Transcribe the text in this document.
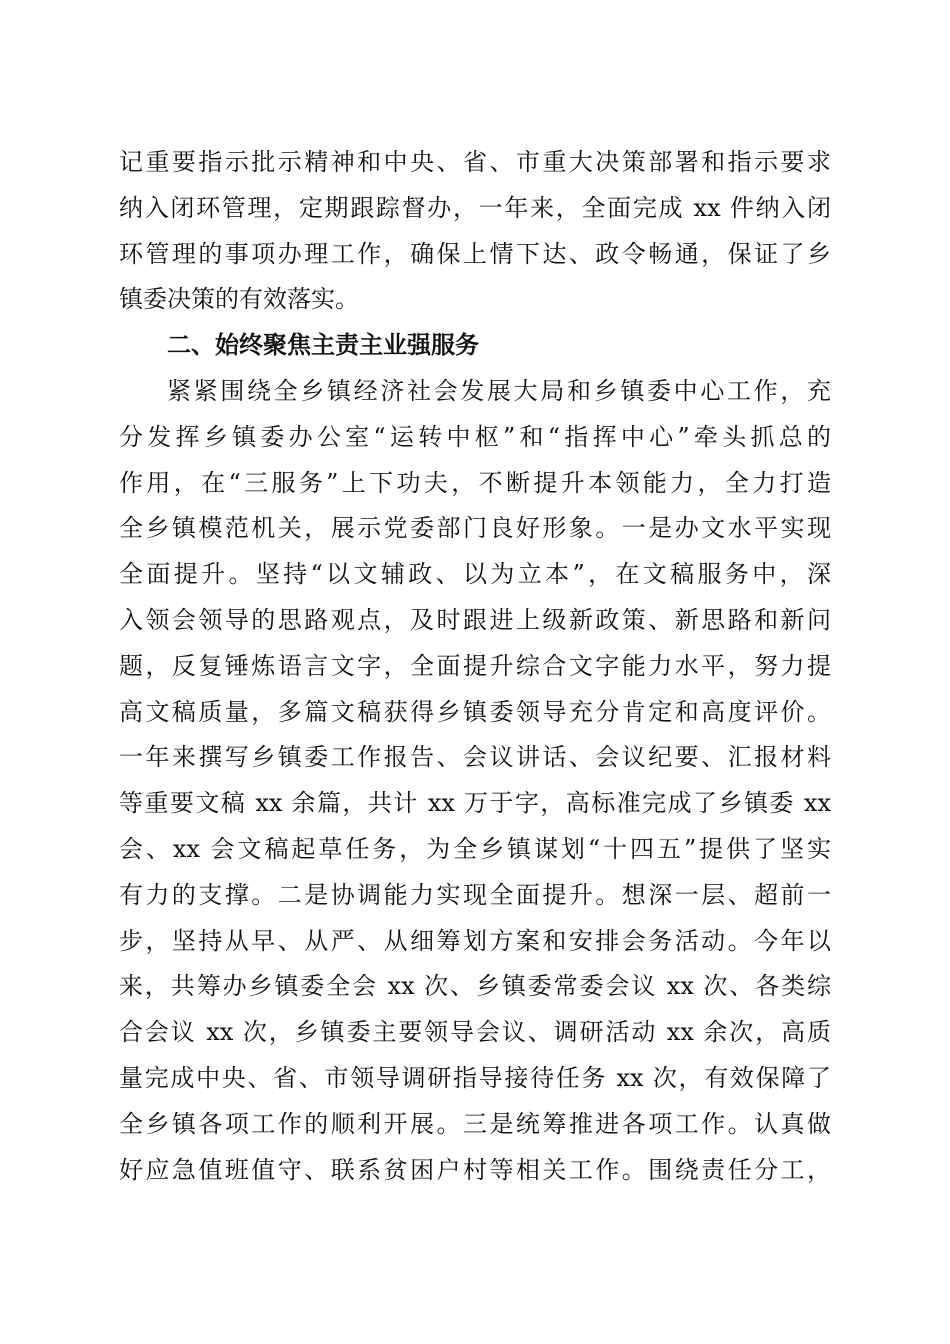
记重要指示批示精神和中央、省、市重大决策部署和指示要求
纳入闭环管理，定期跟踪督办，一年来，全面完成 xx 件纳入闭
环管理的事项办理工作，确保上情下达、政令畅通，保证了乡
镇委决策的有效落实。
二、始终聚焦主责主业强服务
紧紧围绕全乡镇经济社会发展大局和乡镇委中心工作，充
分发挥乡镇委办公室“运转中枢”和“指挥中心”牵头抓总的
作用，在“三服务”上下功夫，不断提升本领能力，全力打造
全乡镇模范机关，展示党委部门良好形象。一是办文水平实现
全面提升。坚持“以文辅政、以为立本”，在文稿服务中，深
入领会领导的思路观点，及时跟进上级新政策、新思路和新问
题，反复锤炼语言文字，全面提升综合文字能力水平，努力提
高文稿质量，多篇文稿获得乡镇委领导充分肯定和高度评价。
一年来撰写乡镇委工作报告、会议讲话、会议纪要、汇报材料
等重要文稿 xx 余篇，共计 xx 万于字，高标准完成了乡镇委 xx
会、xx 会文稿起草任务，为全乡镇谋划“十四五”提供了坚实
有力的支撑。二是协调能力实现全面提升。想深一层、超前一
步，坚持从早、从严、从细筹划方案和安排会务活动。今年以
来，共筹办乡镇委全会 xx 次、乡镇委常委会议 xx 次、各类综
合会议 xx 次，乡镇委主要领导会议、调研活动 xx 余次，高质
量完成中央、省、市领导调研指导接待任务 xx 次，有效保障了
全乡镇各项工作的顺利开展。三是统筹推进各项工作。认真做
好应急值班值守、联系贫困户村等相关工作。围绕责任分工，
